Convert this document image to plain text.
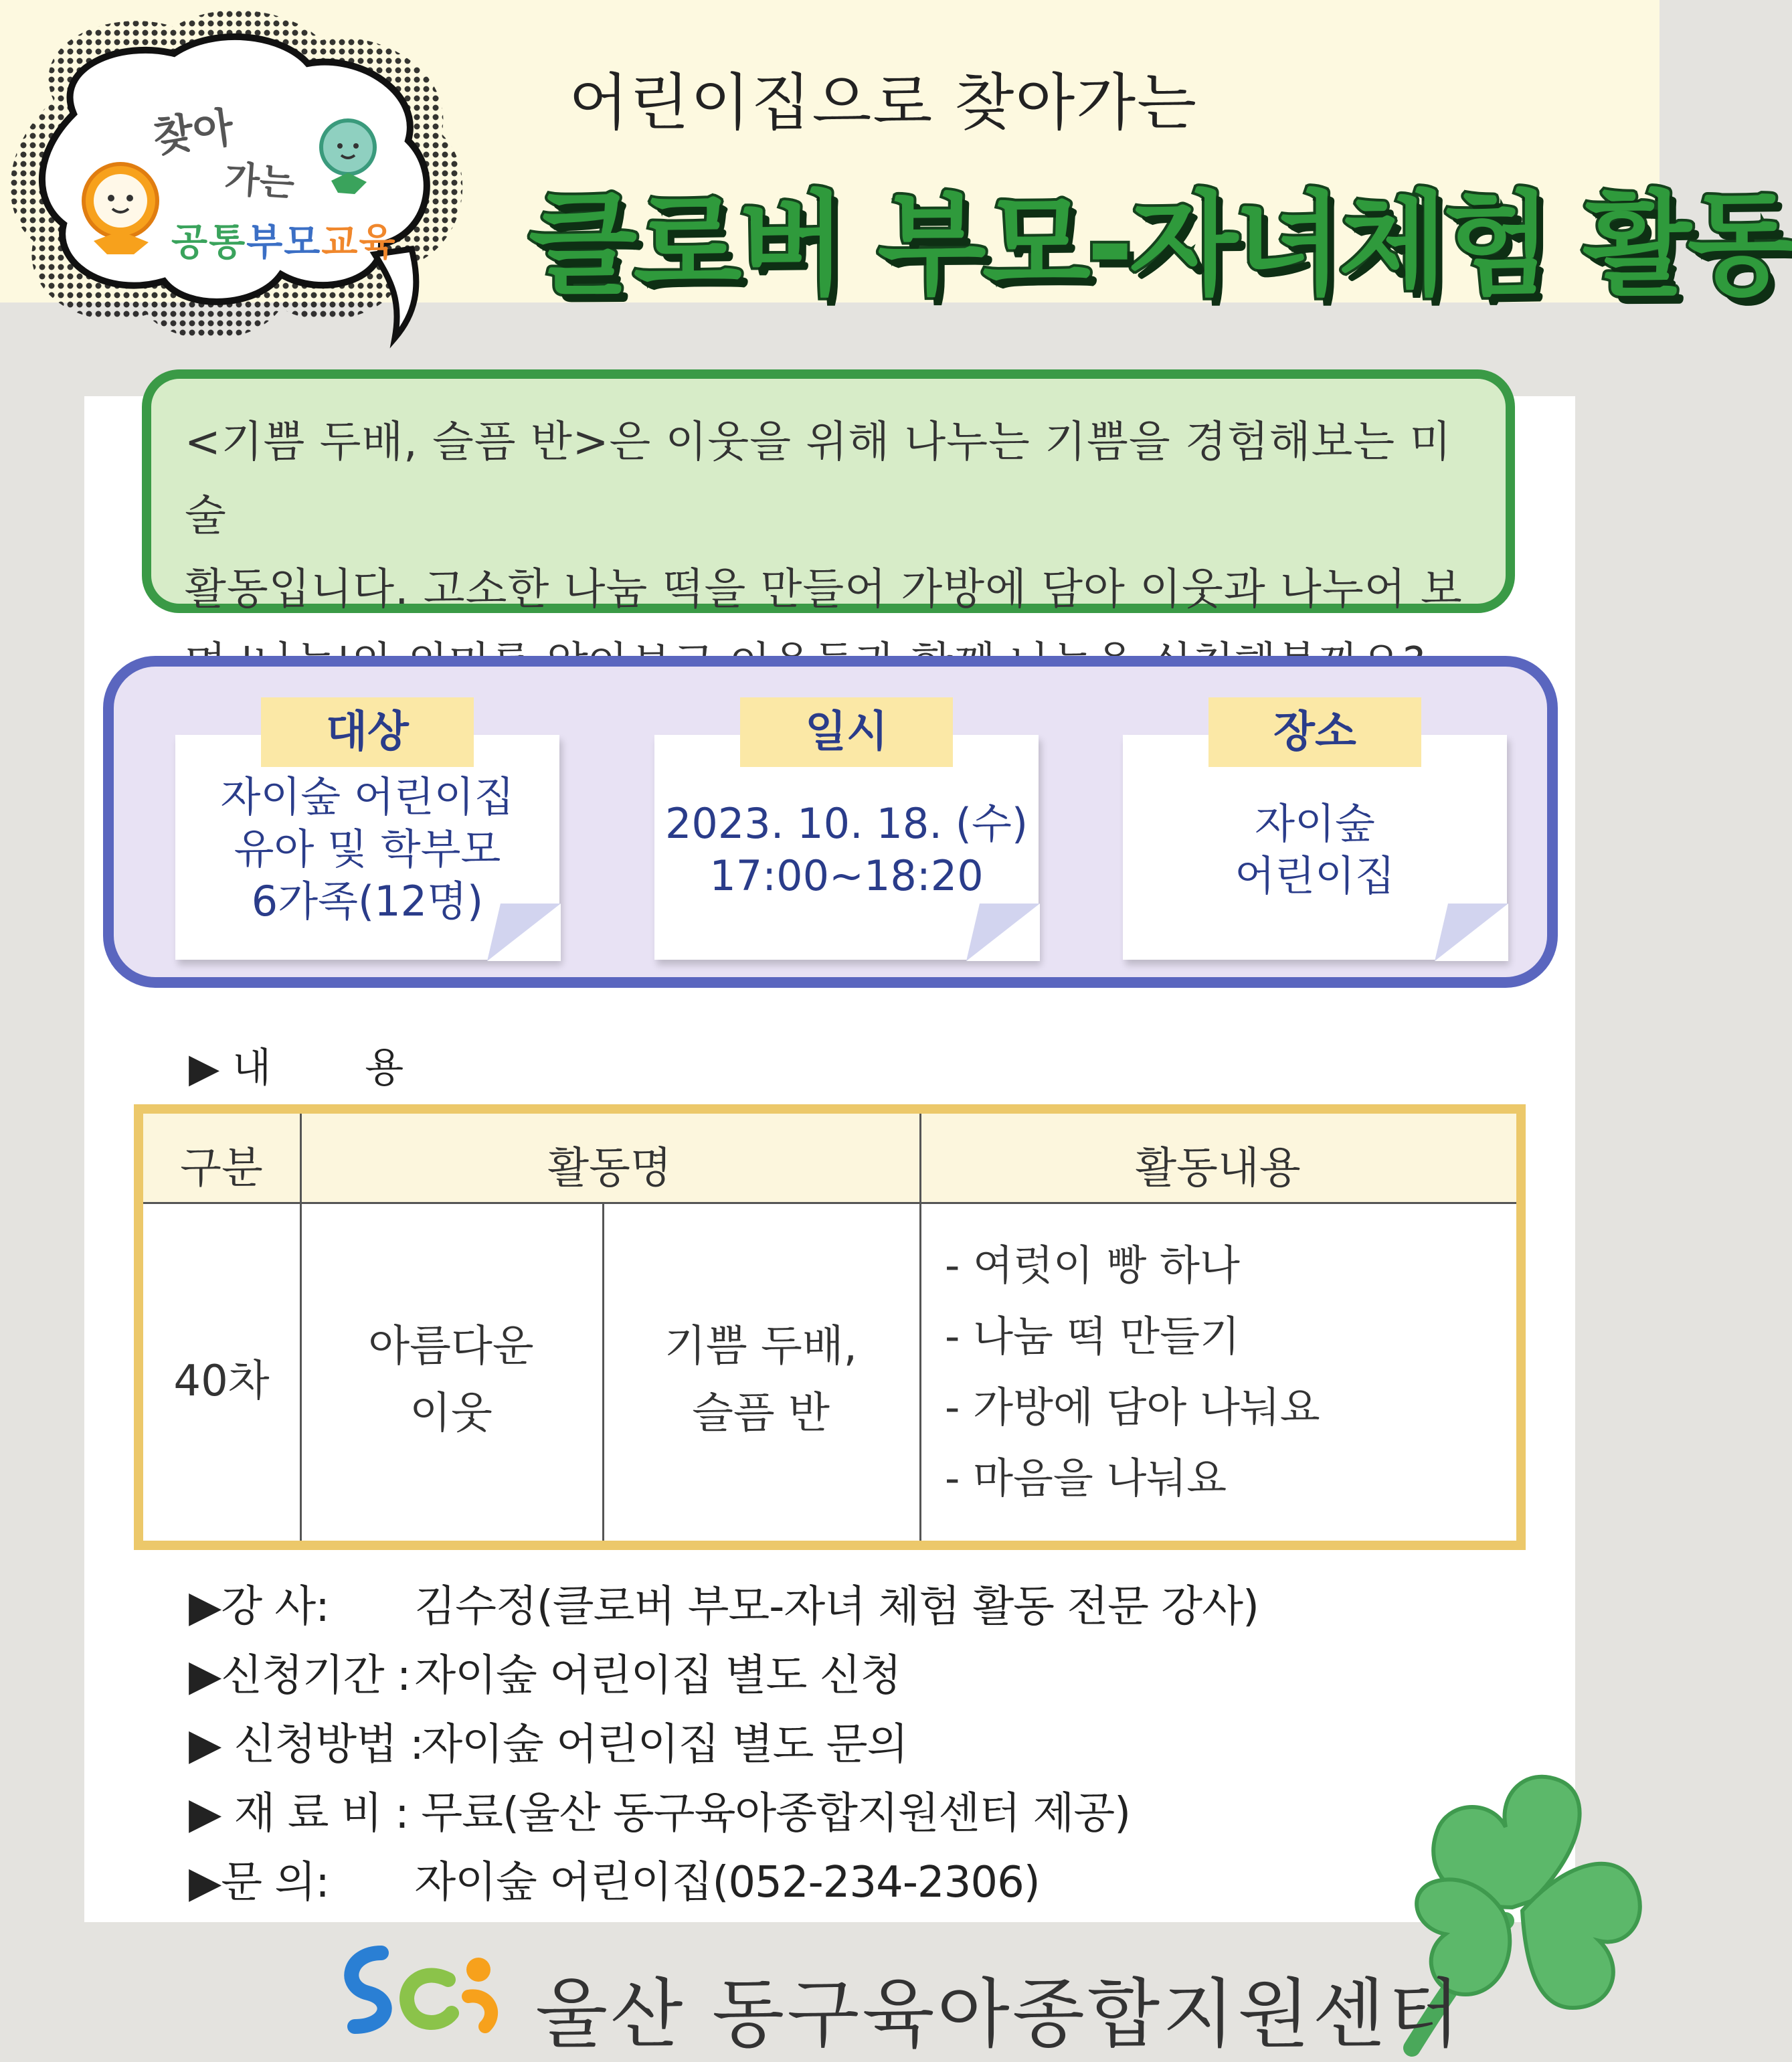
찾아
가는
공통부모교육
어린이집으로 찾아가는
클로버 부모-자녀체험 활동
<기쁨 두배, 슬픔 반>은 이웃을 위해 나누는 기쁨을 경험해보는 미술
활동입니다. 고소한 나눔 떡을 만들어 가방에 담아 이웃과 나누어 보
대상
자이숲 어린이집
유아 및 학부모
6가족(12명)
일시
2023. 10. 18. (수)
17:00~18:20
장소
자이숲
어린이집
▶ 내 용
구분	활동명	활동내용
40차
아름다운
이웃
기쁨 두배,
슬픔 반
- 여럿이 빵 하나
- 나눔 떡 만들기
- 가방에 담아 나눠요
- 마음을 나눠요
▶강 사: 김수정(클로버 부모-자녀 체험 활동 전문 강사)
▶신청기간 : 자이숲 어린이집 별도 신청
▶ 신청방법 : 자이숲 어린이집 별도 문의
▶ 재 료 비 : 무료(울산 동구육아종합지원센터 제공)
▶문 의: 자이숲 어린이집(052-234-2306)
울산 동구육아종합지원센터
